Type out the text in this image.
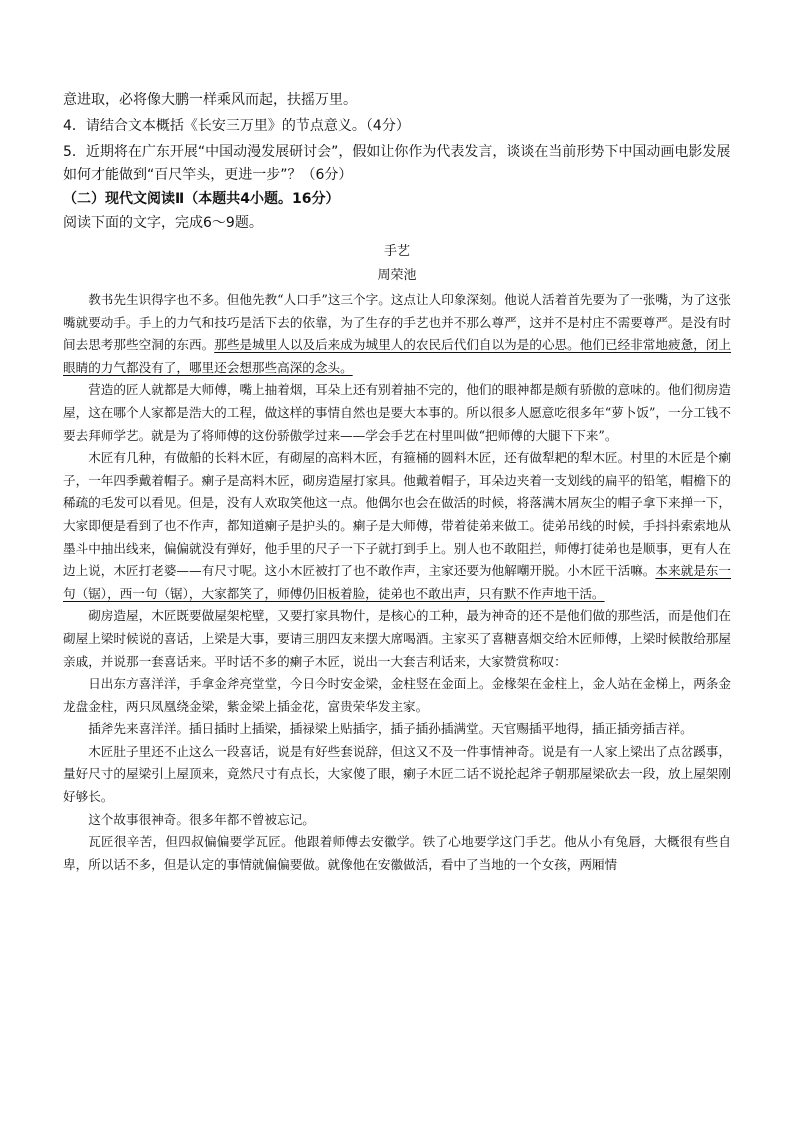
意进取，必将像大鹏一样乘风而起，扶摇万里。
4．请结合文本概括《长安三万里》的节点意义。（4分）
5．近期将在广东开展“中国动漫发展研讨会”，假如让你作为代表发言，谈谈在当前形势下中国动画电影发展
如何才能做到“百尺竿头，更进一步”？（6分）
（二）现代文阅读Ⅱ（本题共4小题。16分）
阅读下面的文字，完成6～9题。
手艺
周荣池

教书先生识得字也不多。但他先教“人口手”这三个字。这点让人印象深刻。他说人活着首先要为了一张嘴，为了这张嘴就要动手。手上的力气和技巧是活下去的依靠，为了生存的手艺也并不那么尊严，这并不是村庄不需要尊严。是没有时间去思考那些空洞的东西。那些是城里人以及后来成为城里人的农民后代们自以为是的心思。他们已经非常地疲惫，闭上眼睛的力气都没有了，哪里还会想那些高深的念头。

营造的匠人就都是大师傅，嘴上抽着烟，耳朵上还有别着抽不完的，他们的眼神都是颇有骄傲的意味的。他们彻房造屋，这在哪个人家都是浩大的工程，做这样的事情自然也是要大本事的。所以很多人愿意吃很多年“萝卜饭”，一分工钱不要去拜师学艺。就是为了将师傅的这份骄傲学过来——学会手艺在村里叫做“把师傅的大腿下下来”。

木匠有几种，有做船的长料木匠，有砌屋的高料木匠，有箍桶的圆料木匠，还有做犁耙的犁木匠。村里的木匠是个瘌子，一年四季戴着帽子。瘌子是高料木匠，砌房造屋打家具。他戴着帽子，耳朵边夹着一支划线的扁平的铅笔，帽檐下的稀疏的毛发可以看见。但是，没有人欢取笑他这一点。他偶尔也会在做活的时候，将落满木屑灰尘的帽子拿下来掸一下，大家即便是看到了也不作声，都知道瘌子是护头的。瘌子是大师傅，带着徒弟来做工。徒弟吊线的时候，手抖抖索索地从墨斗中抽出线来，偏偏就没有弹好，他手里的尺子一下子就打到手上。别人也不敢阻拦，师傅打徒弟也是顺事，更有人在边上说，木匠打老婆——有尺寸呢。这小木匠被打了也不敢作声，主家还要为他解嘲开脱。小木匠干活嘛。本来就是东一句（锯），西一句（锯），大家都笑了，师傅仍旧板着脸，徒弟也不敢出声，只有默不作声地干活。

砌房造屋，木匠既要做屋架柁壁，又要打家具物什，是核心的工种，最为神奇的还不是他们做的那些活，而是他们在砌屋上梁时候说的喜话，上梁是大事，要请三朋四友来摆大席喝酒。主家买了喜糖喜烟交给木匠师傅，上梁时候散给那屋亲戚，并说那一套喜话来。平时话不多的瘌子木匠，说出一大套吉利话来，大家赞赏称叹：

日出东方喜洋洋，手拿金斧亮堂堂，今日今时安金梁，金柱竖在金面上。金椽架在金柱上，金人站在金梯上，两条金龙盘金柱，两只凤凰绕金梁，紫金梁上插金花，富贵荣华发主家。

插斧先来喜洋洋。插日插时上插梁，插禄梁上贴插字，插子插孙插满堂。天官赐插平地得，插正插旁插吉祥。

木匠肚子里还不止这么一段喜话，说是有好些套说辞，但这又不及一件事情神奇。说是有一人家上梁出了点岔蹊事，量好尺寸的屋梁引上屋顶来，竟然尺寸有点长，大家傻了眼，瘌子木匠二话不说抡起斧子朝那屋梁砍去一段，放上屋架刚好够长。

这个故事很神奇。很多年都不曾被忘记。

瓦匠很辛苦，但四叔偏偏要学瓦匠。他跟着师傅去安徽学。铁了心地要学这门手艺。他从小有兔唇，大概很有些自卑，所以话不多，但是认定的事情就偏偏要做。就像他在安徽做活，看中了当地的一个女孩，两厢情
